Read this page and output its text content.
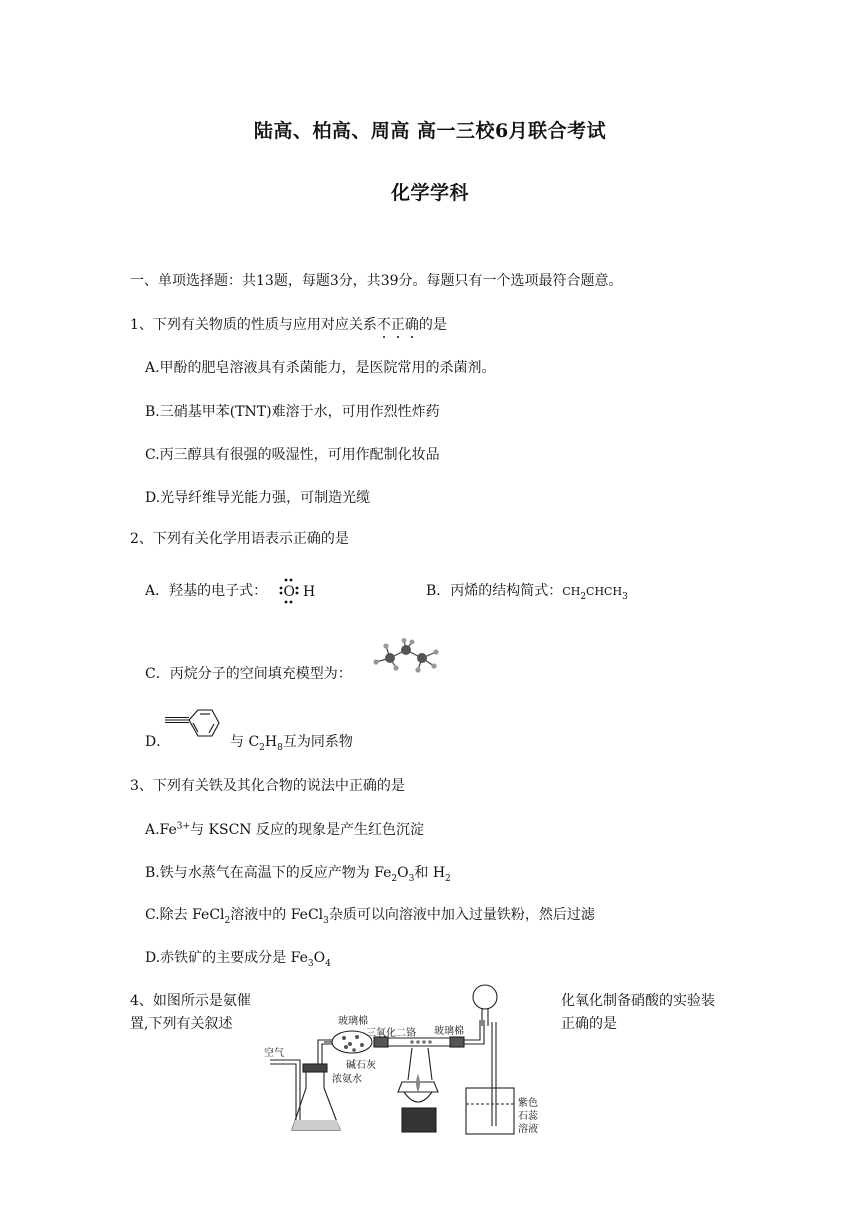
陆高、柏高、周高 高一三校6月联合考试
化学学科
一、单项选择题：共13题，每题3分，共39分。每题只有一个选项最符合题意。
1、下列有关物质的性质与应用对应关系不正确
的是
A.甲酚的肥皂溶液具有杀菌能力，是医院常用的杀菌剂。
B.三硝基甲苯(TNT)难溶于水，可用作烈性炸药
C.丙三醇具有很强的吸湿性，可用作配制化妆品
D.光导纤维导光能力强，可制造光缆
2、下列有关化学用语表示正确的是
A．羟基的电子式： O H	B．丙烯的结构简式：$CH_2CHCH_3$
C．丙烷分子的空间填充模型为：
D．	与 $C_2H_8$互为同系物
3、下列有关铁及其化合物的说法中正确的是
$A.Fe^{3+}$与 KSCN 反应的现象是产生红色沉淀
B.铁与水蒸气在高温下的反应产物为 $Fe_2O_3$和 $H_2$
C.除去 FeCl$_2$溶液中的 FeCl$_3$杂质可以向溶液中加入过量铁粉，然后过滤
D.赤铁矿的主要成分是 $Fe_3O_4$
4、如图所示是氨催	化氧化制备硝酸的实验装
置,下列有关叙述	正确的是
空气
玻璃棉
三氧化二铬 玻璃棉
碱石灰
浓氨水
紫色
石蕊
溶液
